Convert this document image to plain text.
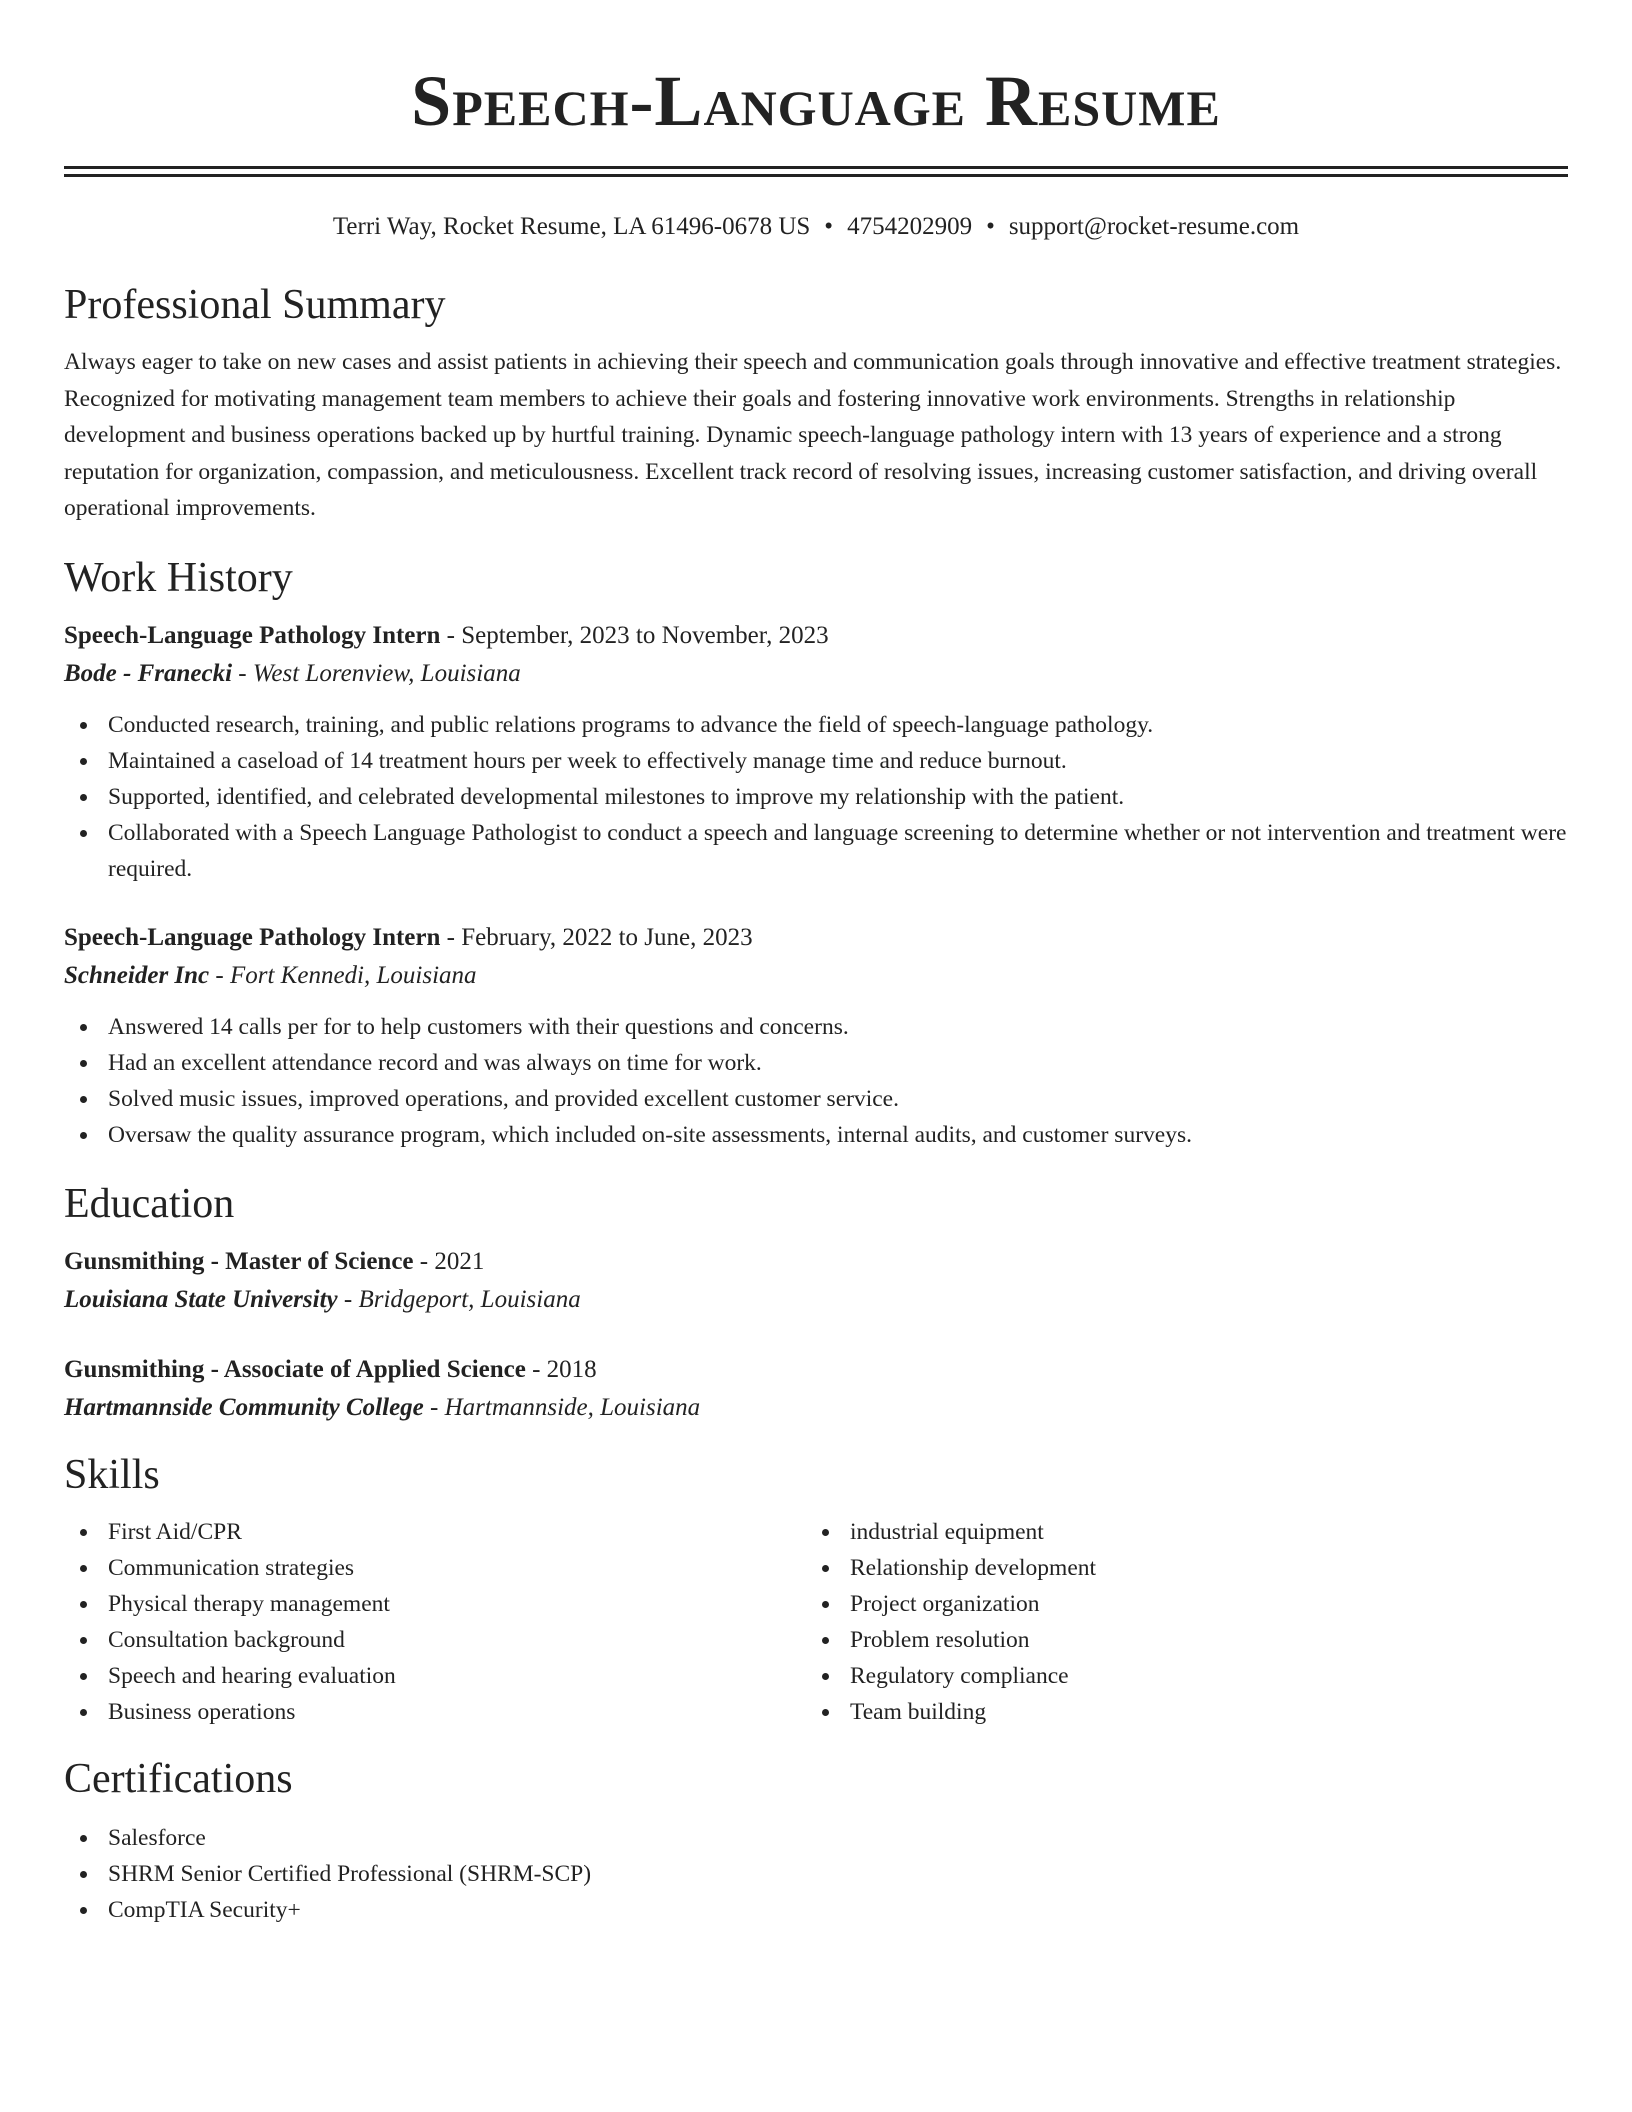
Speech-Language Resume
Terri Way, Rocket Resume, LA 61496-0678 US • 4754202909 • support@rocket-resume.com
Professional Summary

Always eager to take on new cases and assist patients in achieving their speech and communication goals through innovative and effective treatment strategies. Recognized for motivating management team members to achieve their goals and fostering innovative work environments. Strengths in relationship development and business operations backed up by hurtful training. Dynamic speech-language pathology intern with 13 years of experience and a strong reputation for organization, compassion, and meticulousness. Excellent track record of resolving issues, increasing customer satisfaction, and driving overall operational improvements.

Work History
Speech-Language Pathology Intern - September, 2023 to November, 2023
Bode - Franecki - West Lorenview, Louisiana
Conducted research, training, and public relations programs to advance the field of speech-language pathology.
Maintained a caseload of 14 treatment hours per week to effectively manage time and reduce burnout.
Supported, identified, and celebrated developmental milestones to improve my relationship with the patient.
Collaborated with a Speech Language Pathologist to conduct a speech and language screening to determine whether or not intervention and treatment were required.
Speech-Language Pathology Intern - February, 2022 to June, 2023
Schneider Inc - Fort Kennedi, Louisiana
Answered 14 calls per for to help customers with their questions and concerns.
Had an excellent attendance record and was always on time for work.
Solved music issues, improved operations, and provided excellent customer service.
Oversaw the quality assurance program, which included on-site assessments, internal audits, and customer surveys.
Education
Gunsmithing - Master of Science - 2021
Louisiana State University - Bridgeport, Louisiana
Gunsmithing - Associate of Applied Science - 2018
Hartmannside Community College - Hartmannside, Louisiana
Skills
First Aid/CPR
Communication strategies
Physical therapy management
Consultation background
Speech and hearing evaluation
Business operations
industrial equipment
Relationship development
Project organization
Problem resolution
Regulatory compliance
Team building
Certifications
Salesforce
SHRM Senior Certified Professional (SHRM-SCP)
CompTIA Security+
